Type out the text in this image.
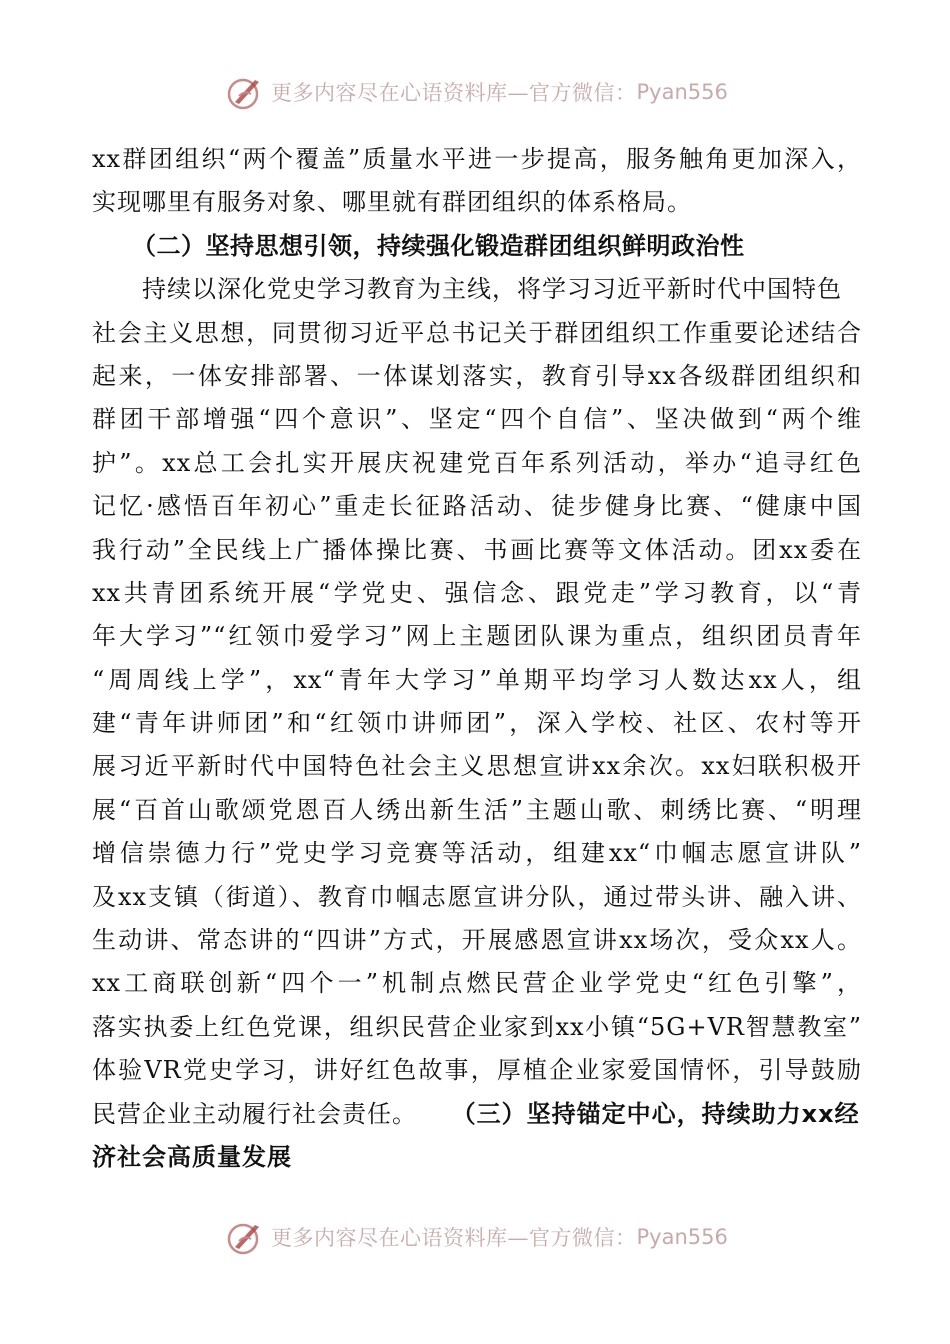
更多内容尽在心语资料库—官方微信： Pyan556
xx群团组织“两个覆盖”质量水平进一步提高，服务触角更加深入，
实现哪里有服务对象、哪里就有群团组织的体系格局。
（二）坚持思想引领，持续强化锻造群团组织鲜明政治性
持续以深化党史学习教育为主线，将学习习近平新时代中国特色
社会主义思想，同贯彻习近平总书记关于群团组织工作重要论述结合
起来，一体安排部署、一体谋划落实，教育引导xx各级群团组织和
群团干部增强“四个意识”、坚定“四个自信”、坚决做到“两个维
护”。xx总工会扎实开展庆祝建党百年系列活动，举办“追寻红色
记忆·感悟百年初心”重走长征路活动、徒步健身比赛、“健康中国
我行动”全民线上广播体操比赛、书画比赛等文体活动。团xx委在
xx共青团系统开展“学党史、强信念、跟党走”学习教育，以“青
年大学习”“红领巾爱学习”网上主题团队课为重点，组织团员青年
“周周线上学”，xx“青年大学习”单期平均学习人数达xx人，组
建“青年讲师团”和“红领巾讲师团”，深入学校、社区、农村等开
展习近平新时代中国特色社会主义思想宣讲xx余次。xx妇联积极开
展“百首山歌颂党恩百人绣出新生活”主题山歌、刺绣比赛、“明理
增信崇德力行”党史学习竞赛等活动，组建xx“巾帼志愿宣讲队”
及xx支镇（街道）、教育巾帼志愿宣讲分队，通过带头讲、融入讲、
生动讲、常态讲的“四讲”方式，开展感恩宣讲xx场次，受众xx人。
xx工商联创新“四个一”机制点燃民营企业学党史“红色引擎”，
落实执委上红色党课，组织民营企业家到xx小镇“5G+VR智慧教室”
体验VR党史学习，讲好红色故事，厚植企业家爱国情怀，引导鼓励
民营企业主动履行社会责任。 （三）坚持锚定中心，持续助力xx经
济社会高质量发展
更多内容尽在心语资料库—官方微信： Pyan556
